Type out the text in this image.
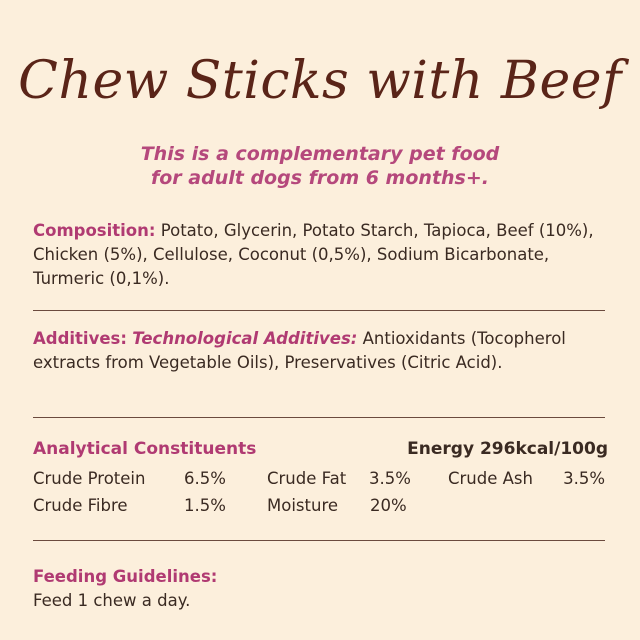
Chew Sticks with Beef
This is a complementary pet food
for adult dogs from 6 months+.
Composition: Potato, Glycerin, Potato Starch, Tapioca, Beef (10%), Chicken (5%), Cellulose, Coconut (0,5%), Sodium Bicarbonate, Turmeric (0,1%).
Additives: Technological Additives: Antioxidants (Tocopherol extracts from Vegetable Oils), Preservatives (Citric Acid).
Analytical Constituents	Energy 296kcal/100g
Crude Protein 6.5% Crude Fat 3.5% Crude Ash 3.5%
Crude Fibre	1.5% Moisture 20%
Feeding Guidelines:
Feed 1 chew a day.
